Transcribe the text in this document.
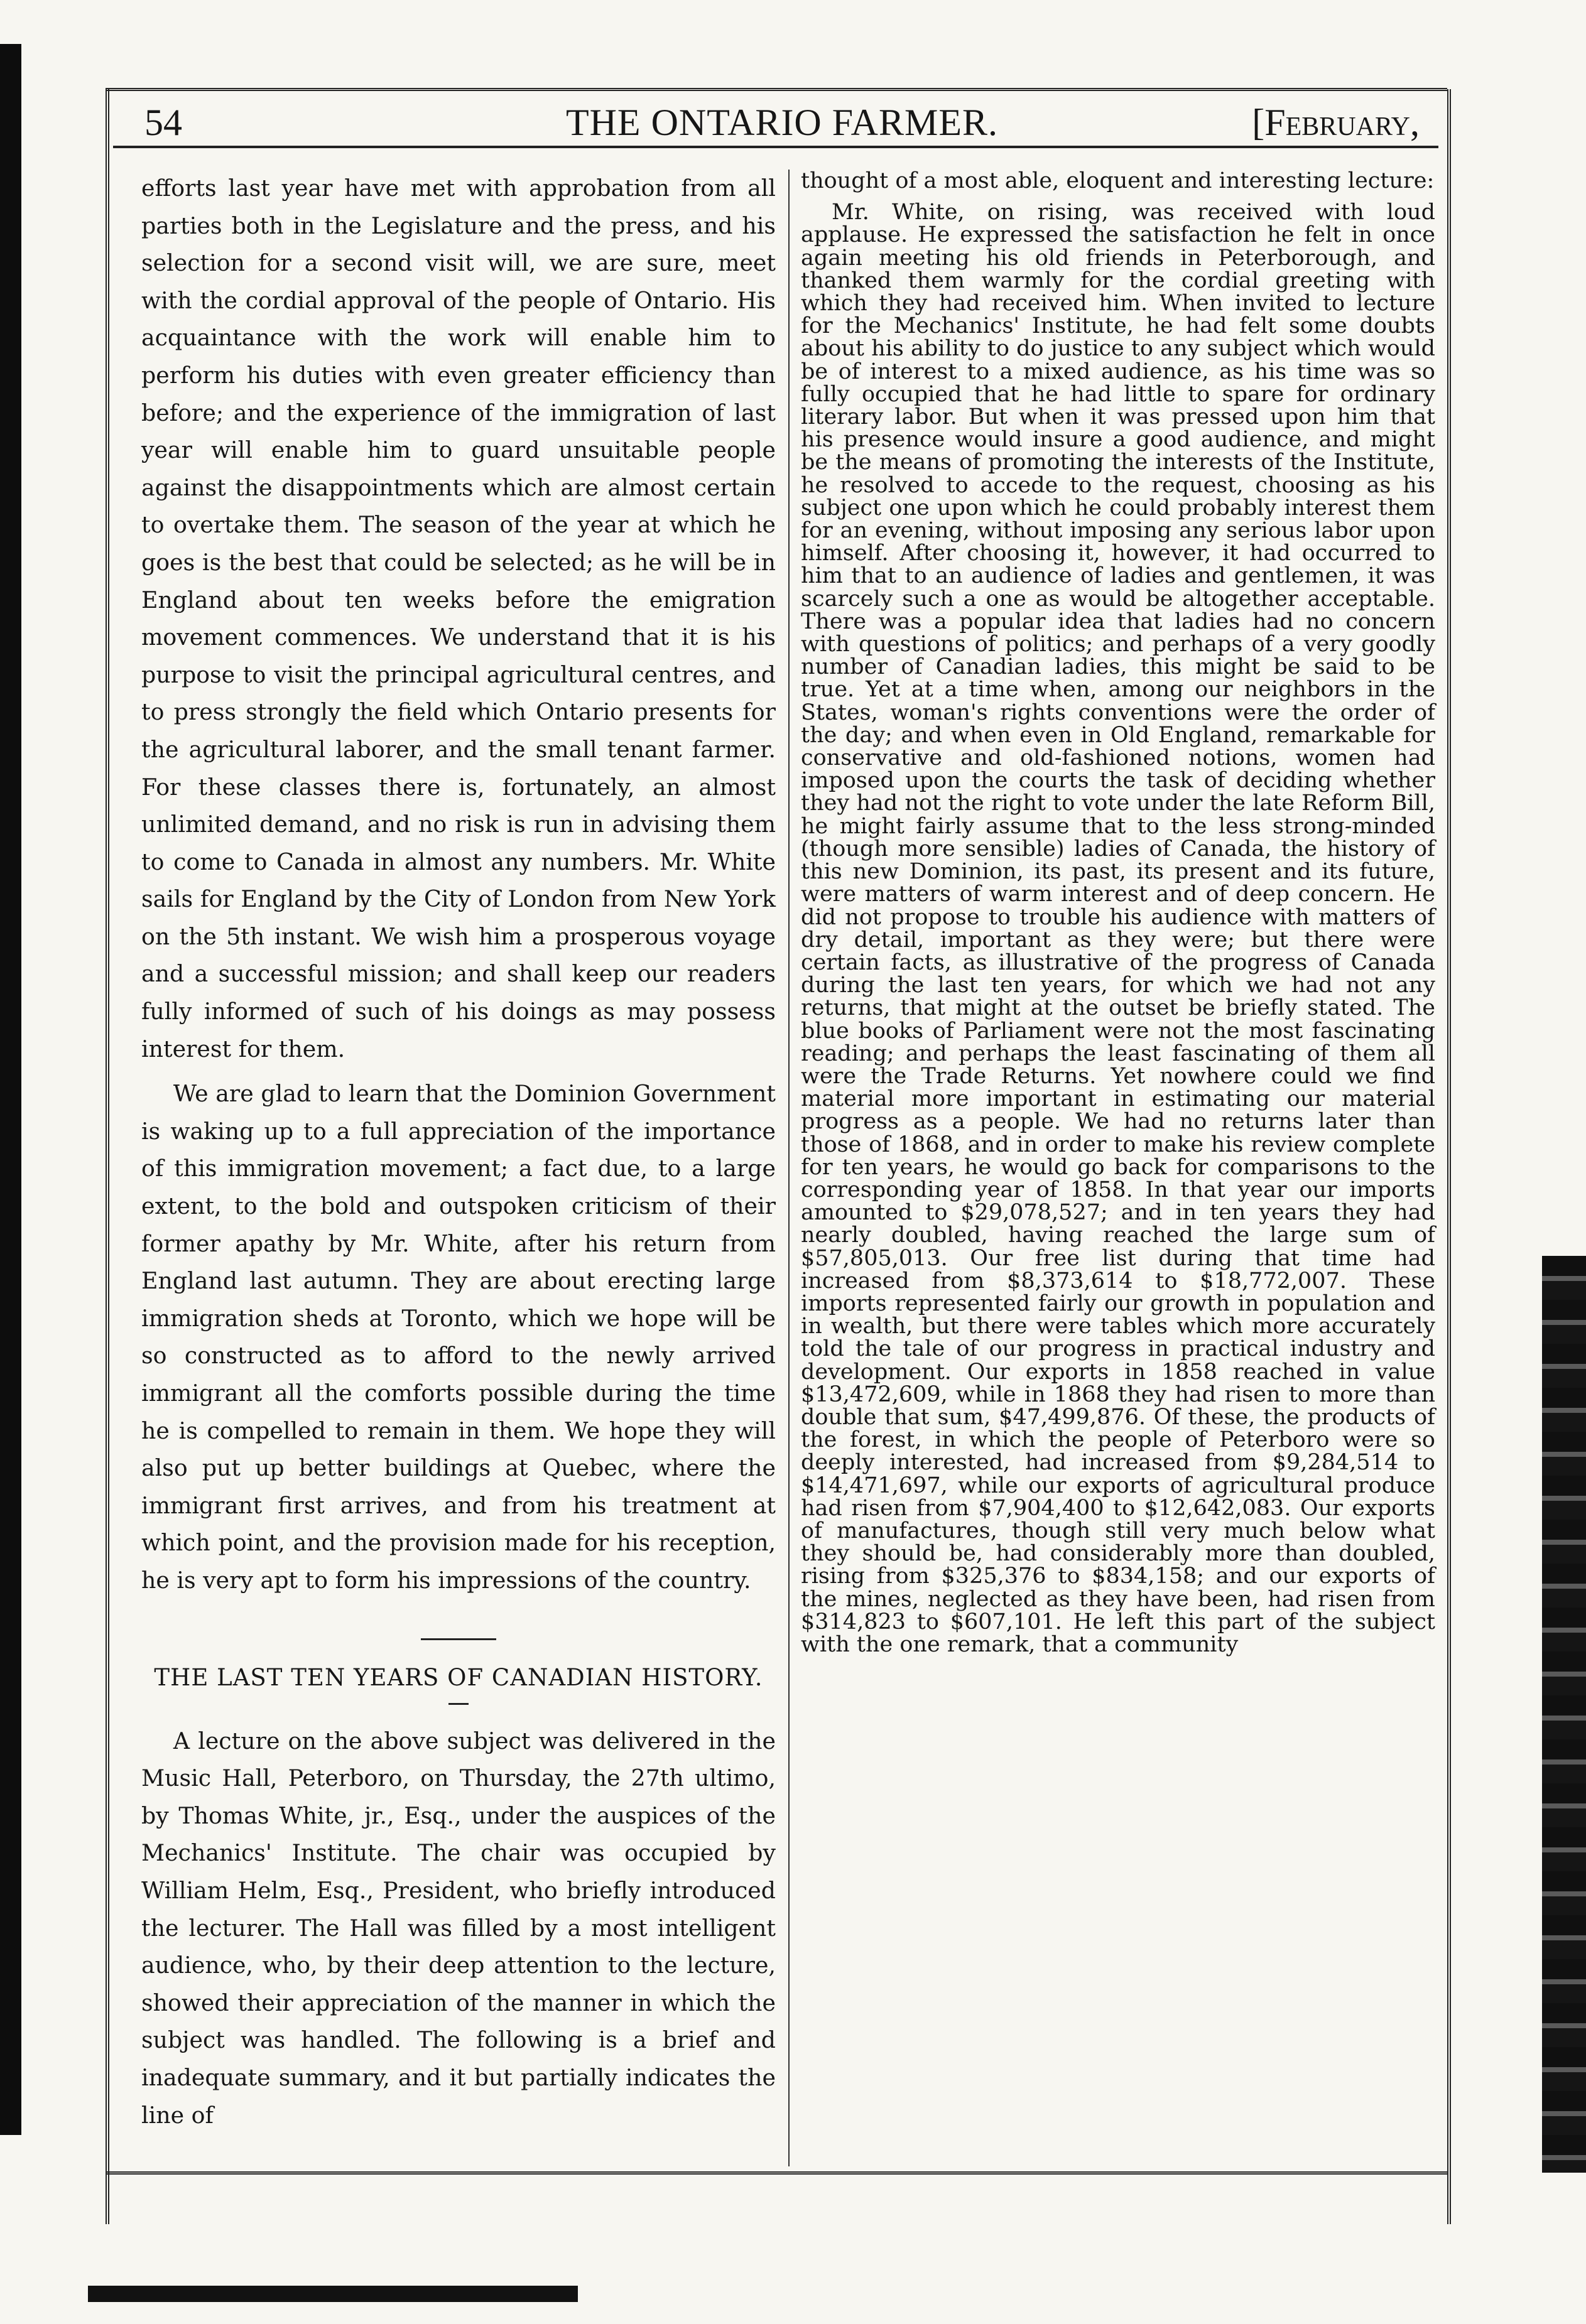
54	THE ONTARIO FARMER.	[February,

efforts last year have met with approbation from all parties both in the Legislature and the press, and his selection for a second visit will, we are sure, meet with the cordial approval of the people of Ontario. His acquaintance with the work will enable him to perform his duties with even greater efficiency than before; and the experience of the immigration of last year will enable him to guard unsuitable people against the disappointments which are almost certain to overtake them. The season of the year at which he goes is the best that could be selected; as he will be in England about ten weeks before the emigration movement commences. We understand that it is his purpose to visit the principal agricultural centres, and to press strongly the field which Ontario presents for the agricultural laborer, and the small tenant farmer. For these classes there is, fortunately, an almost unlimited demand, and no risk is run in advising them to come to Canada in almost any numbers. Mr. White sails for England by the City of London from New York on the 5th instant. We wish him a prosperous voyage and a successful mission; and shall keep our readers fully informed of such of his doings as may possess interest for them.

We are glad to learn that the Dominion Government is waking up to a full appreciation of the importance of this immigration movement; a fact due, to a large extent, to the bold and outspoken criticism of their former apathy by Mr. White, after his return from England last autumn. They are about erecting large immigration sheds at Toronto, which we hope will be so constructed as to afford to the newly arrived immigrant all the comforts possible during the time he is compelled to remain in them. We hope they will also put up better buildings at Quebec, where the immigrant first arrives, and from his treatment at which point, and the provision made for his reception, he is very apt to form his impressions of the country.

THE LAST TEN YEARS OF CANADIAN HISTORY.

A lecture on the above subject was delivered in the Music Hall, Peterboro, on Thursday, the 27th ultimo, by Thomas White, jr., Esq., under the auspices of the Mechanics' Institute. The chair was occupied by William Helm, Esq., President, who briefly introduced the lecturer. The Hall was filled by a most intelligent audience, who, by their deep attention to the lecture, showed their appreciation of the manner in which the subject was handled. The following is a brief and inadequate summary, and it but partially indicates the line of

thought of a most able, eloquent and interesting lecture:

Mr. White, on rising, was received with loud applause. He expressed the satisfaction he felt in once again meeting his old friends in Peterborough, and thanked them warmly for the cordial greeting with which they had received him. When invited to lecture for the Mechanics' Institute, he had felt some doubts about his ability to do justice to any subject which would be of interest to a mixed audience, as his time was so fully occupied that he had little to spare for ordinary literary labor. But when it was pressed upon him that his presence would insure a good audience, and might be the means of promoting the interests of the Institute, he resolved to accede to the request, choosing as his subject one upon which he could probably interest them for an evening, without imposing any serious labor upon himself. After choosing it, however, it had occurred to him that to an audience of ladies and gentlemen, it was scarcely such a one as would be altogether acceptable. There was a popular idea that ladies had no concern with questions of politics; and perhaps of a very goodly number of Canadian ladies, this might be said to be true. Yet at a time when, among our neighbors in the States, woman's rights conventions were the order of the day; and when even in Old England, remarkable for conservative and old-fashioned notions, women had imposed upon the courts the task of deciding whether they had not the right to vote under the late Reform Bill, he might fairly assume that to the less strong-minded (though more sensible) ladies of Canada, the history of this new Dominion, its past, its present and its future, were matters of warm interest and of deep concern. He did not propose to trouble his audience with matters of dry detail, important as they were; but there were certain facts, as illustrative of the progress of Canada during the last ten years, for which we had not any returns, that might at the outset be briefly stated. The blue books of Parliament were not the most fascinating reading; and perhaps the least fascinating of them all were the Trade Returns. Yet nowhere could we find material more important in estimating our material progress as a people. We had no returns later than those of 1868, and in order to make his review complete for ten years, he would go back for comparisons to the corresponding year of 1858. In that year our imports amounted to $29,078,527; and in ten years they had nearly doubled, having reached the large sum of $57,805,013. Our free list during that time had increased from $8,373,614 to $18,772,007. These imports represented fairly our growth in population and in wealth, but there were tables which more accurately told the tale of our progress in practical industry and development. Our exports in 1858 reached in value $13,472,609, while in 1868 they had risen to more than double that sum, $47,499,876. Of these, the products of the forest, in which the people of Peterboro were so deeply interested, had increased from $9,284,514 to $14,471,697, while our exports of agricultural produce had risen from $7,904,400 to $12,642,083. Our exports of manufactures, though still very much below what they should be, had considerably more than doubled, rising from $325,376 to $834,158; and our exports of the mines, neglected as they have been, had risen from $314,823 to $607,101. He left this part of the subject with the one remark, that a community
